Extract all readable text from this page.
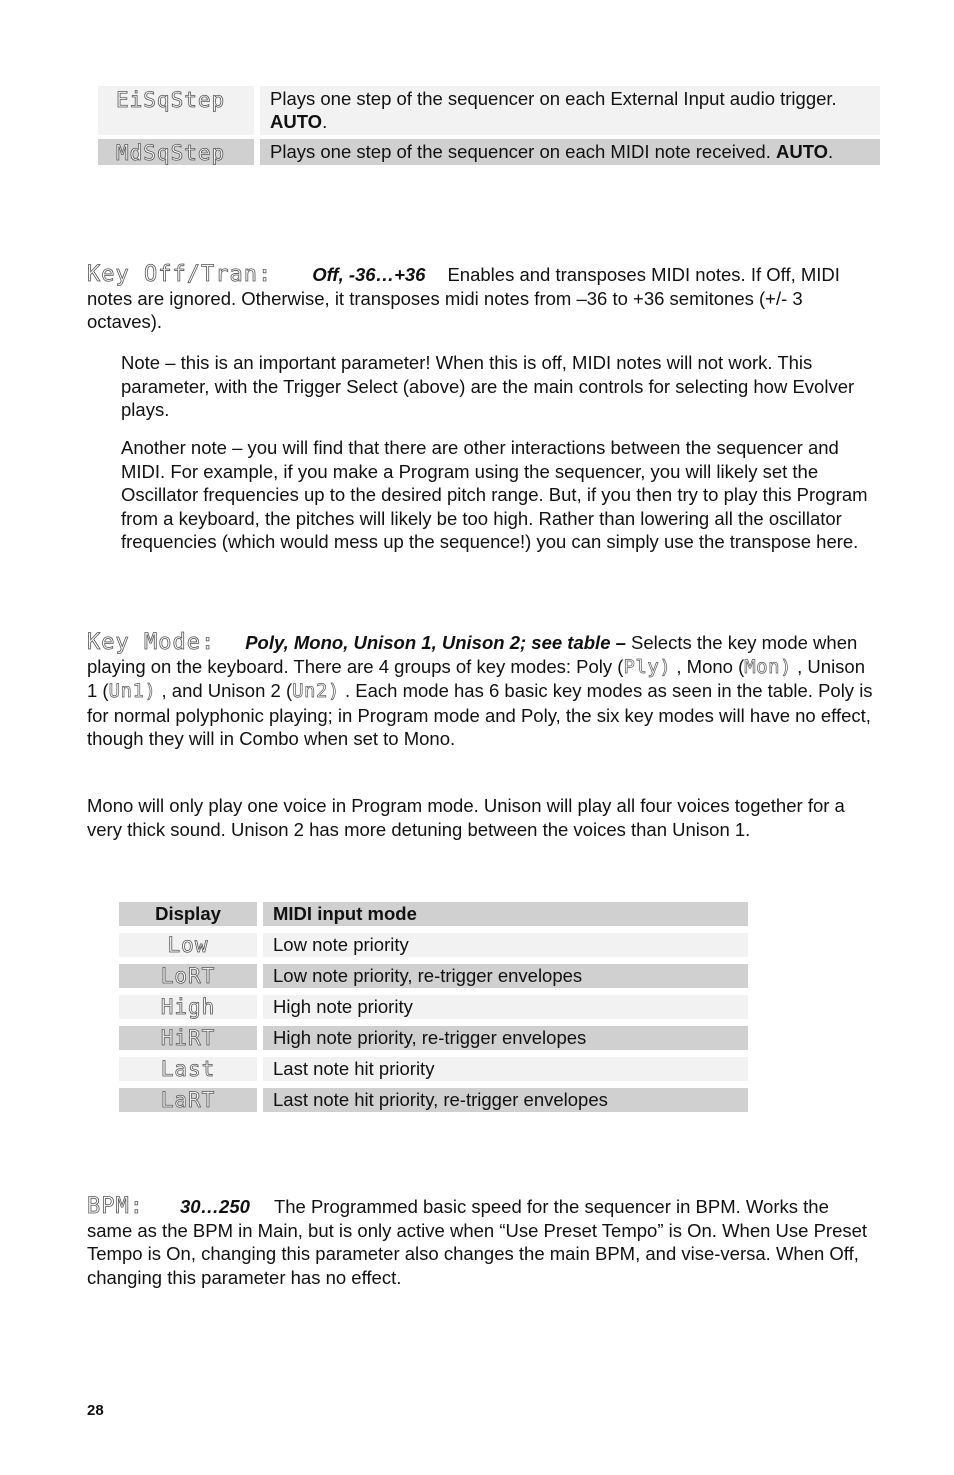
EiSqStep	Plays one step of the sequencer on each External Input audio trigger. AUTO.
MdSqStep	Plays one step of the sequencer on each MIDI note received. AUTO.
Key Off/Tran: Off, -36…+36 Enables and transposes MIDI notes. If Off, MIDI notes are ignored. Otherwise, it transposes midi notes from –36 to +36 semitones (+/- 3 octaves).
Note – this is an important parameter! When this is off, MIDI notes will not work. This parameter, with the Trigger Select (above) are the main controls for selecting how Evolver plays.
Another note – you will find that there are other interactions between the sequencer and MIDI. For example, if you make a Program using the sequencer, you will likely set the Oscillator frequencies up to the desired pitch range. But, if you then try to play this Program from a keyboard, the pitches will likely be too high. Rather than lowering all the oscillator frequencies (which would mess up the sequence!) you can simply use the transpose here.
Key Mode: Poly, Mono, Unison 1, Unison 2; see table – Selects the key mode when playing on the keyboard. There are 4 groups of key modes: Poly (Ply) , Mono (Mon) , Unison 1 (Un1) , and Unison 2 (Un2) . Each mode has 6 basic key modes as seen in the table. Poly is for normal polyphonic playing; in Program mode and Poly, the six key modes will have no effect, though they will in Combo when set to Mono.
Mono will only play one voice in Program mode. Unison will play all four voices together for a very thick sound. Unison 2 has more detuning between the voices than Unison 1.
Display	MIDI input mode
Low	Low note priority
LoRT	Low note priority, re-trigger envelopes
High	High note priority
HiRT	High note priority, re-trigger envelopes
Last	Last note hit priority
LaRT	Last note hit priority, re-trigger envelopes
BPM: 30…250 The Programmed basic speed for the sequencer in BPM. Works the same as the BPM in Main, but is only active when “Use Preset Tempo” is On. When Use Preset Tempo is On, changing this parameter also changes the main BPM, and vise-versa. When Off, changing this parameter has no effect.
28
